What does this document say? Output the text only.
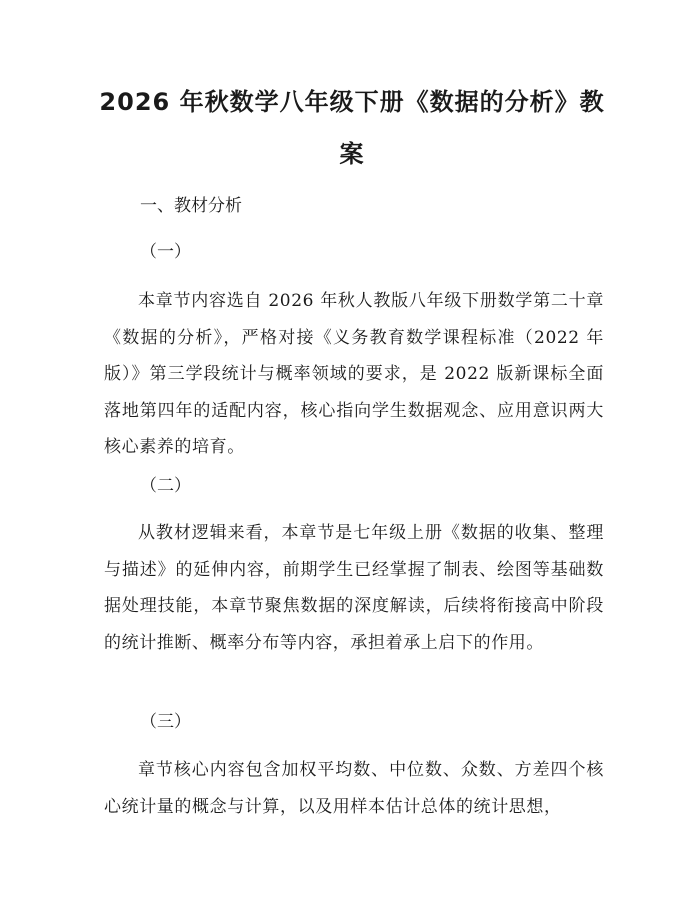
2026 年秋数学八年级下册《数据的分析》教案

一、教材分析

（一）

本章节内容选自 2026 年秋人教版八年级下册数学第二十章《数据的分析》，严格对接《义务教育数学课程标准（2022 年版）》第三学段统计与概率领域的要求，是 2022 版新课标全面落地第四年的适配内容，核心指向学生数据观念、应用意识两大核心素养的培育。

（二）

从教材逻辑来看，本章节是七年级上册《数据的收集、整理与描述》的延伸内容，前期学生已经掌握了制表、绘图等基础数据处理技能，本章节聚焦数据的深度解读，后续将衔接高中阶段的统计推断、概率分布等内容，承担着承上启下的作用。

（三）

章节核心内容包含加权平均数、中位数、众数、方差四个核心统计量的概念与计算，以及用样本估计总体的统计思想，
